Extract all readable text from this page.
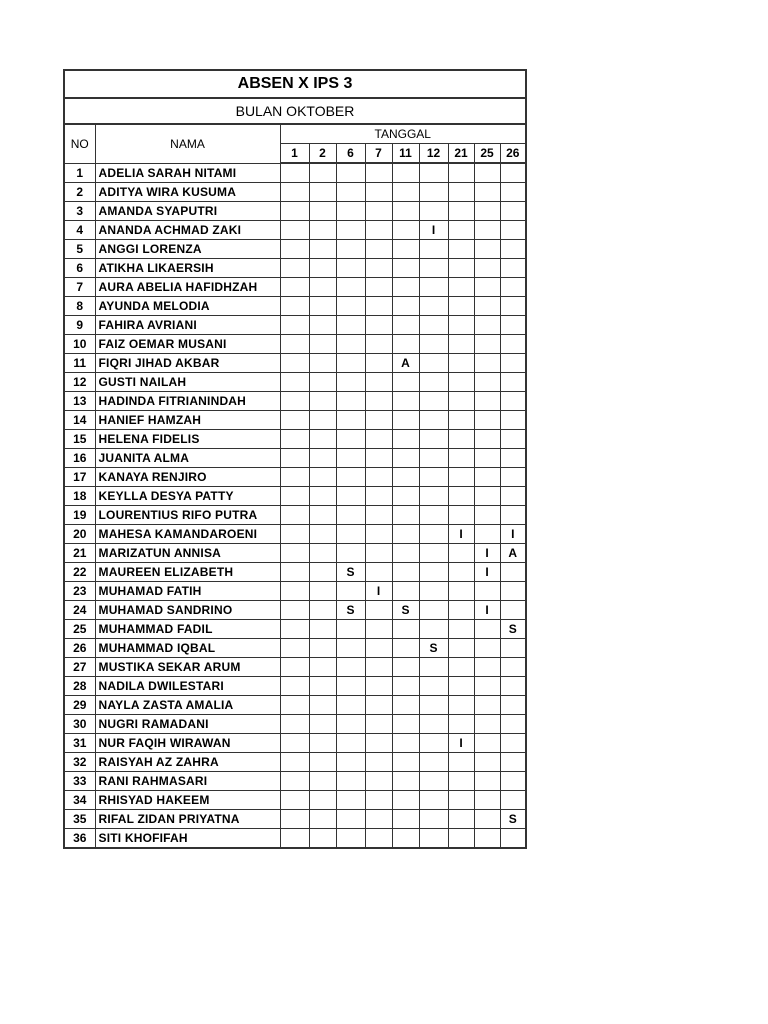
ABSEN X IPS 3										
BULAN OKTOBER										
NO	NAMA	TANGGAL								
		1	2	6	7	11	12	21	25	26
1	ADELIA SARAH NITAMI									
2	ADITYA WIRA KUSUMA									
3	AMANDA SYAPUTRI									
4	ANANDA ACHMAD ZAKI						I			
5	ANGGI LORENZA									
6	ATIKHA LIKAERSIH									
7	AURA ABELIA HAFIDHZAH									
8	AYUNDA MELODIA									
9	FAHIRA AVRIANI									
10	FAIZ OEMAR MUSANI									
11	FIQRI JIHAD AKBAR					A				
12	GUSTI NAILAH									
13	HADINDA FITRIANINDAH									
14	HANIEF HAMZAH									
15	HELENA FIDELIS									
16	JUANITA ALMA									
17	KANAYA RENJIRO									
18	KEYLLA DESYA PATTY									
19	LOURENTIUS RIFO PUTRA									
20	MAHESA KAMANDAROENI							I		I
21	MARIZATUN ANNISA								I	A
22	MAUREEN ELIZABETH			S					I	
23	MUHAMAD FATIH				I					
24	MUHAMAD SANDRINO			S		S			I	
25	MUHAMMAD FADIL									S
26	MUHAMMAD IQBAL						S			
27	MUSTIKA SEKAR ARUM									
28	NADILA DWILESTARI									
29	NAYLA ZASTA AMALIA									
30	NUGRI RAMADANI									
31	NUR FAQIH WIRAWAN							I		
32	RAISYAH AZ ZAHRA									
33	RANI RAHMASARI									
34	RHISYAD HAKEEM									
35	RIFAL ZIDAN PRIYATNA									S
36	SITI KHOFIFAH									
